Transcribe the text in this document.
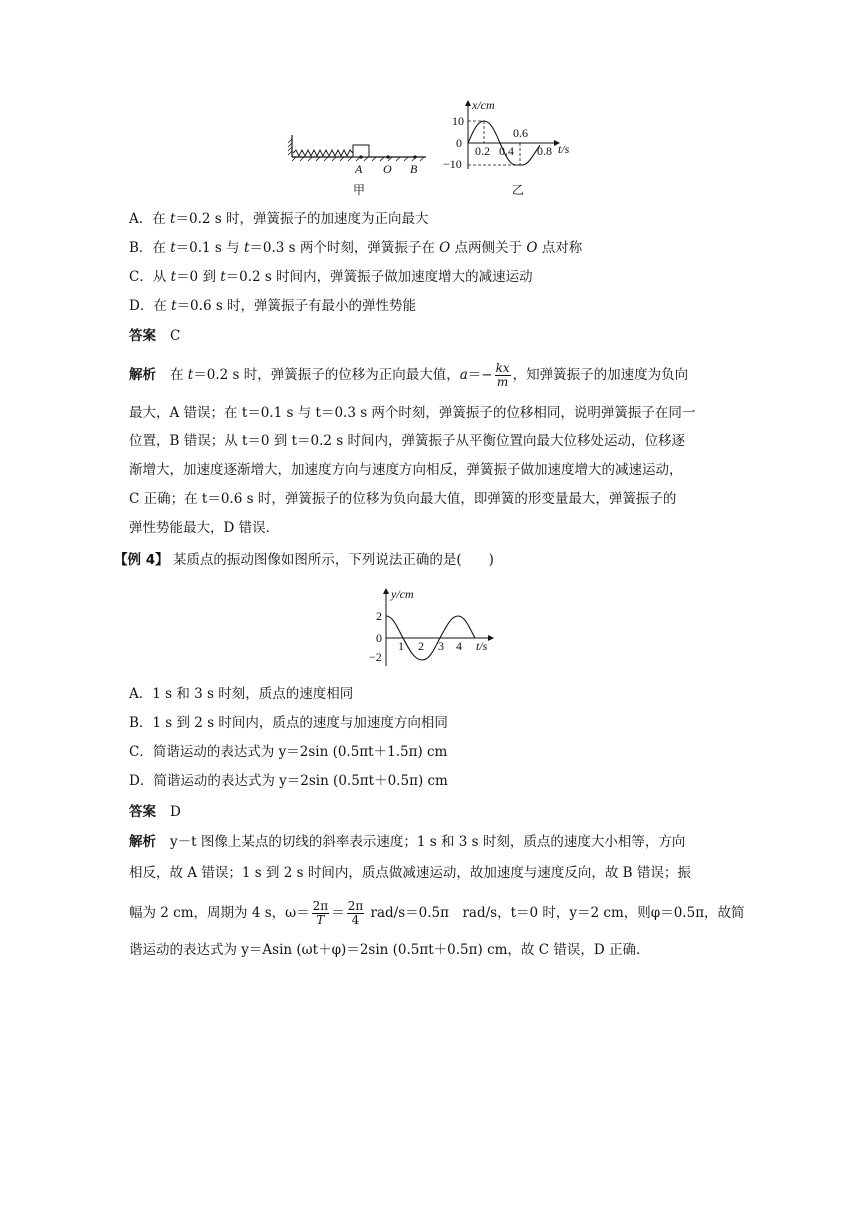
A O B
甲
x/cm
t/s
10
0
−10
0.2 0.4
0.6
0.8
乙
A．在 t＝0.2 s 时，弹簧振子的加速度为正向最大
B．在 t＝0.1 s 与 t＝0.3 s 两个时刻，弹簧振子在 O 点两侧关于 O 点对称
C．从 t＝0 到 t＝0.2 s 时间内，弹簧振子做加速度增大的减速运动
D．在 t＝0.6 s 时，弹簧振子有最小的弹性势能
答案 C
解析 在 t＝0.2 s 时，弹簧振子的位移为正向最大值，$a=- \frac{kx}{m}$ ，知弹簧振子的加速度为负向
最大，A 错误；在 t＝0.1 s 与 t＝0.3 s 两个时刻，弹簧振子的位移相同，说明弹簧振子在同一
位置，B 错误；从 t＝0 到 t＝0.2 s 时间内，弹簧振子从平衡位置向最大位移处运动，位移逐
渐增大，加速度逐渐增大，加速度方向与速度方向相反，弹簧振子做加速度增大的减速运动，
C 正确；在 t＝0.6 s 时，弹簧振子的位移为负向最大值，即弹簧的形变量最大，弹簧振子的
弹性势能最大，D 错误．
【例 4】 某质点的振动图像如图所示，下列说法正确的是(　　)
y/cm
t/s
2
0
−2
1 2 3 4
A．1 s 和 3 s 时刻，质点的速度相同
B．1 s 到 2 s 时间内，质点的速度与加速度方向相同
C．简谐运动的表达式为 y＝2sin (0.5πt＋1.5π) cm
D．简谐运动的表达式为 y＝2sin (0.5πt＋0.5π) cm
答案 D
解析 y－t 图像上某点的切线的斜率表示速度；1 s 和 3 s 时刻，质点的速度大小相等，方向
相反，故 A 错误；1 s 到 2 s 时间内，质点做减速运动，故加速度与速度反向，故 B 错误；振
幅为 2 cm，周期为 4 s，$\omega= \frac{2\pi}{T} = \frac{2\pi}{4} rad/s=0.5\pi$　rad/s，t＝0 时，y＝2 cm，则φ＝0.5π，故简
谐运动的表达式为 y＝Asin (ωt＋φ)＝2sin (0.5πt＋0.5π) cm，故 C 错误，D 正确．
